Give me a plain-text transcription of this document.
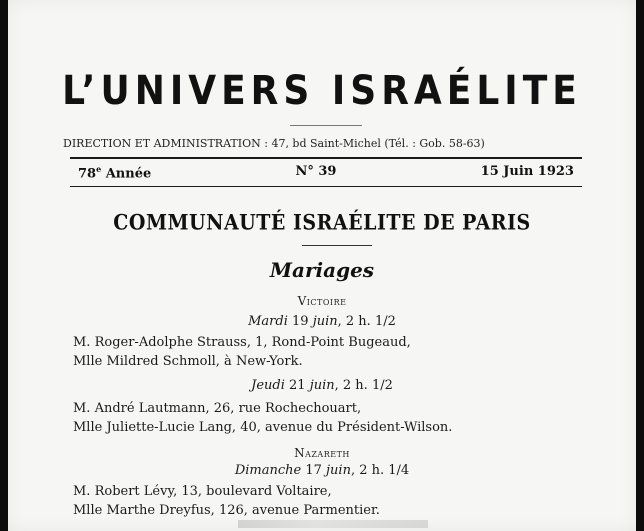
L’UNIVERS ISRAÉLITE
DIRECTION ET ADMINISTRATION : 47, bd Saint-Michel (Tél. : Gob. 58-63)
78e Année	N° 39	15 Juin 1923
COMMUNAUTÉ ISRAÉLITE DE PARIS
Mariages
Victoire
Mardi 19 juin, 2 h. 1/2
M. Roger-Adolphe Strauss, 1, Rond-Point Bugeaud,
Mlle Mildred Schmoll, à New-York.
Jeudi 21 juin, 2 h. 1/2
M. André Lautmann, 26, rue Rochechouart,
Mlle Juliette-Lucie Lang, 40, avenue du Président-Wilson.
Nazareth
Dimanche 17 juin, 2 h. 1/4
M. Robert Lévy, 13, boulevard Voltaire,
Mlle Marthe Dreyfus, 126, avenue Parmentier.
